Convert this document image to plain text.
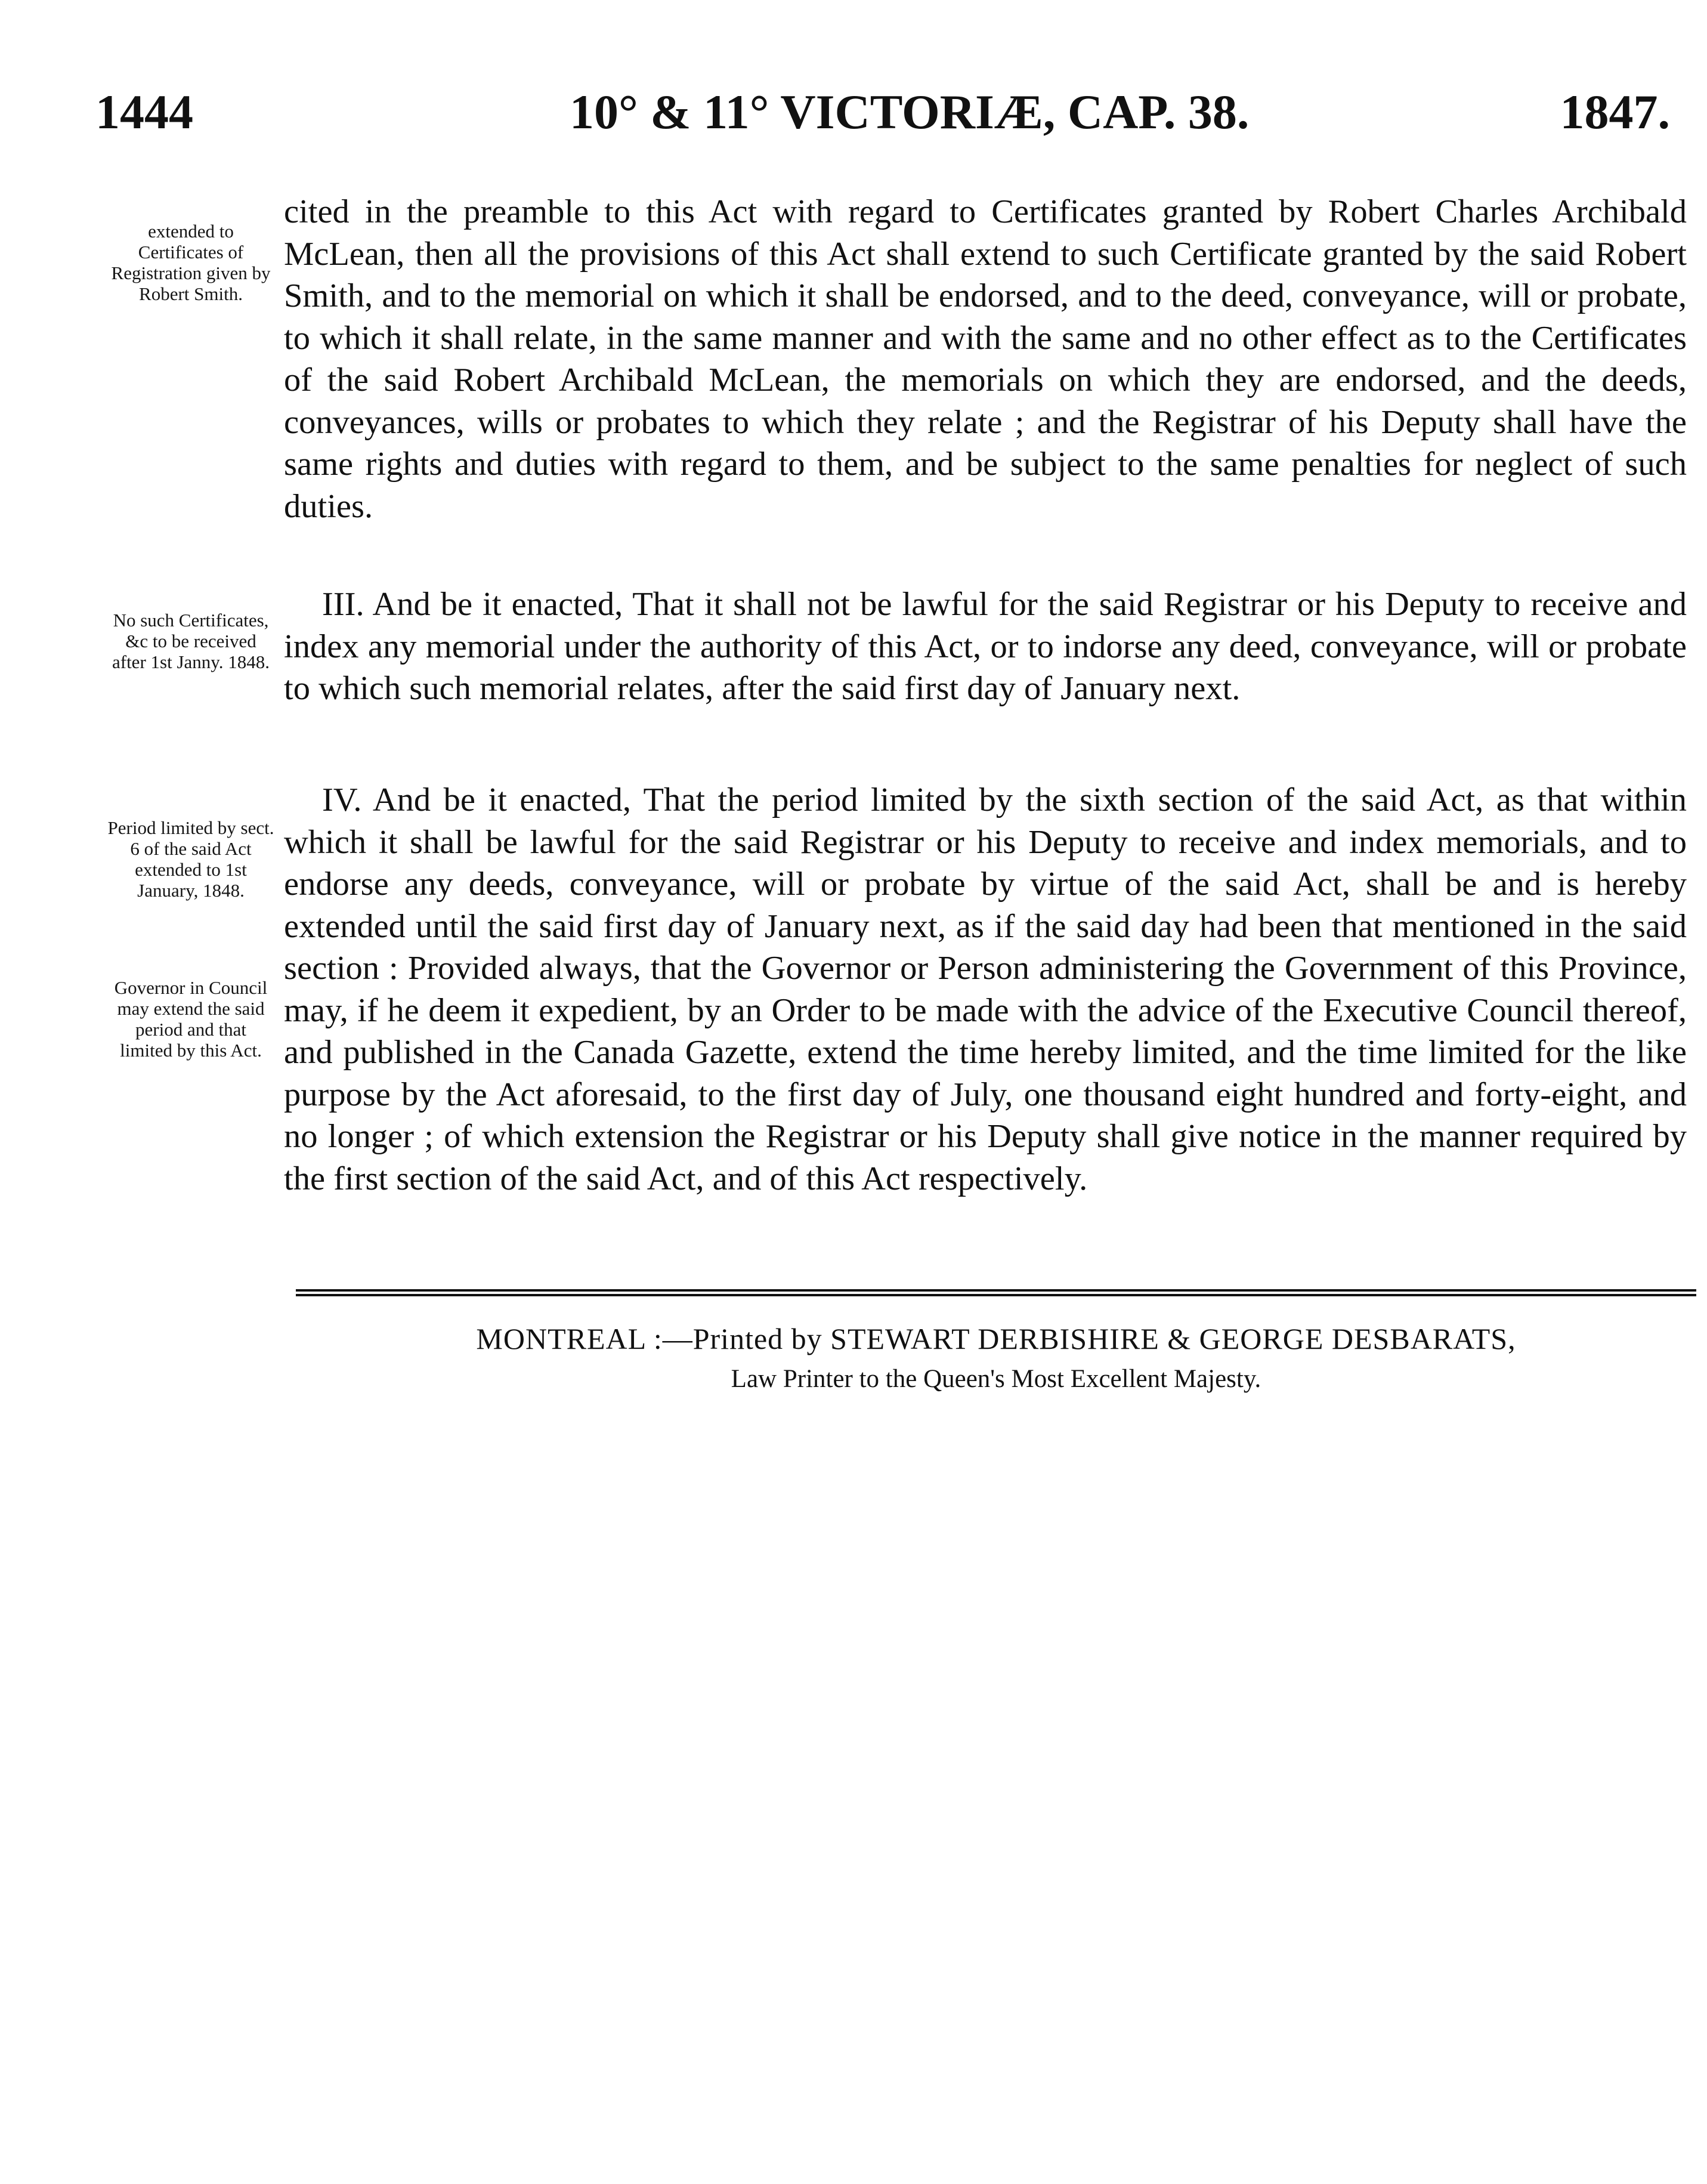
1444	10° & 11° VICTORIÆ, CAP. 38.	1847.
extended to Certificates of Registration given by Robert Smith.
No such Certificates, &c to be received after 1st Janny. 1848.
Period limited by sect. 6 of the said Act extended to 1st January, 1848.
Governor in Council may extend the said period and that limited by this Act.

cited in the preamble to this Act with regard to Certificates granted by Robert Charles Archibald McLean, then all the provisions of this Act shall extend to such Certificate granted by the said Robert Smith, and to the memorial on which it shall be endorsed, and to the deed, conveyance, will or probate, to which it shall relate, in the same manner and with the same and no other effect as to the Certificates of the said Robert Archibald McLean, the memorials on which they are endorsed, and the deeds, conveyances, wills or probates to which they relate ; and the Registrar of his Deputy shall have the same rights and duties with regard to them, and be subject to the same penalties for neglect of such duties.

III. And be it enacted, That it shall not be lawful for the said Registrar or his Deputy to receive and index any memorial under the authority of this Act, or to indorse any deed, conveyance, will or probate to which such memorial relates, after the said first day of January next.

IV. And be it enacted, That the period limited by the sixth section of the said Act, as that within which it shall be lawful for the said Registrar or his Deputy to receive and index memorials, and to endorse any deeds, conveyance, will or probate by virtue of the said Act, shall be and is hereby extended until the said first day of January next, as if the said day had been that mentioned in the said section : Provided always, that the Governor or Person administering the Government of this Province, may, if he deem it expedient, by an Order to be made with the advice of the Executive Council thereof, and published in the Canada Gazette, extend the time hereby limited, and the time limited for the like purpose by the Act aforesaid, to the first day of July, one thousand eight hundred and forty-eight, and no longer ; of which extension the Registrar or his Deputy shall give notice in the manner required by the first section of the said Act, and of this Act respectively.

MONTREAL :—Printed by STEWART DERBISHIRE & GEORGE DESBARATS,
Law Printer to the Queen's Most Excellent Majesty.
